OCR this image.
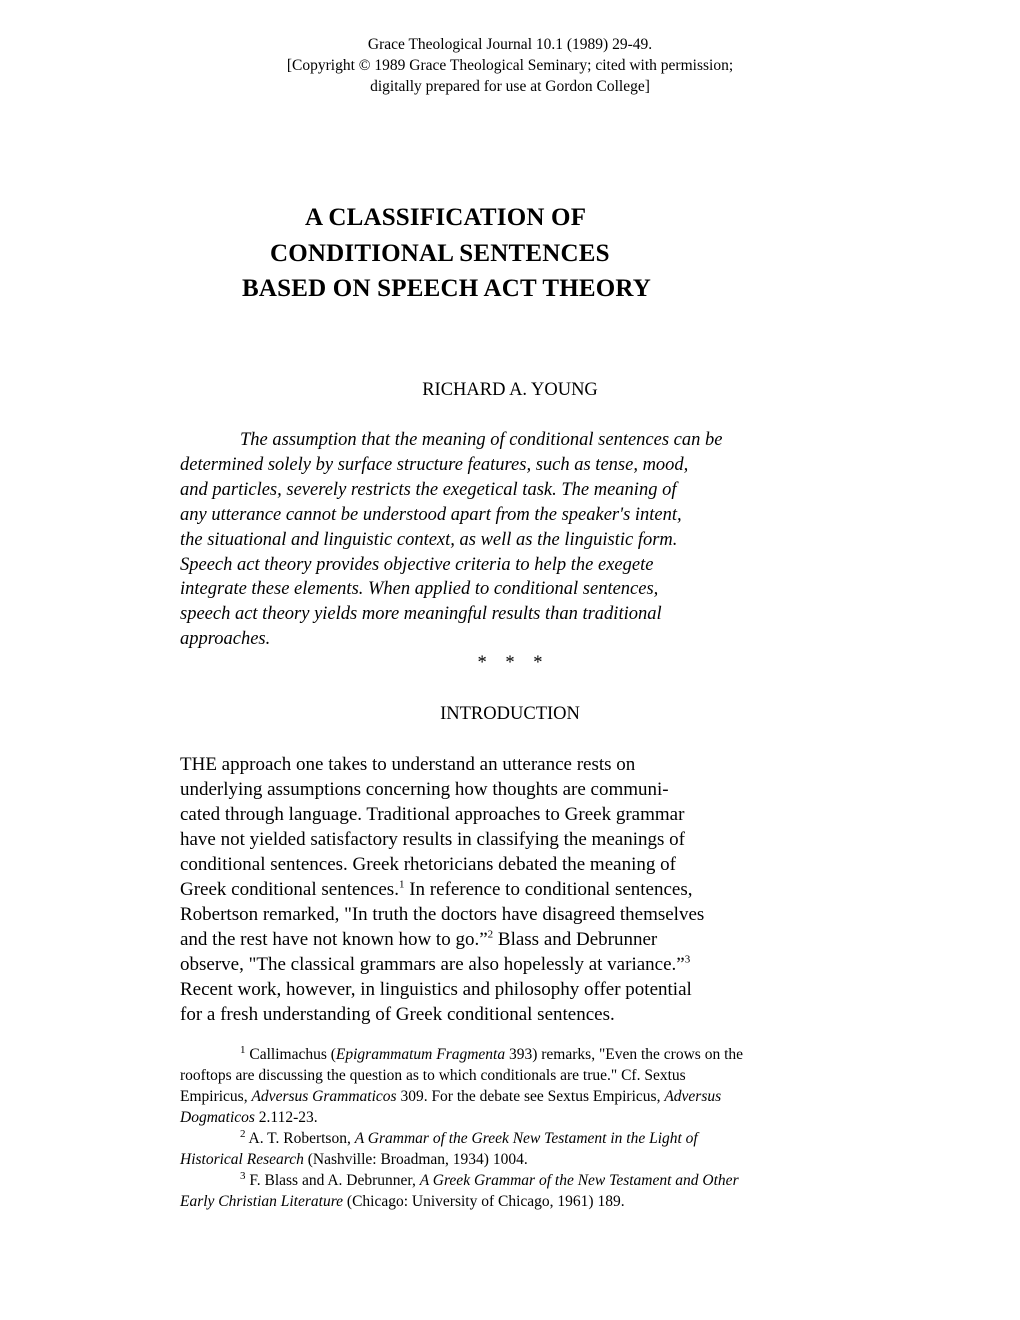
Grace Theological Journal 10.1 (1989) 29-49.
[Copyright © 1989 Grace Theological Seminary; cited with permission;
digitally prepared for use at Gordon College]
A CLASSIFICATION OF
CONDITIONAL SENTENCES
BASED ON SPEECH ACT THEORY
RICHARD A. YOUNG

The assumption that the meaning of conditional sentences can be
determined solely by surface structure features, such as tense, mood,
and particles, severely restricts the exegetical task. The meaning of
any utterance cannot be understood apart from the speaker's intent,
the situational and linguistic context, as well as the linguistic form.
Speech act theory provides objective criteria to help the exegete
integrate these elements. When applied to conditional sentences,
speech act theory yields more meaningful results than traditional
approaches.

* * *
INTRODUCTION

THE approach one takes to understand an utterance rests on
underlying assumptions concerning how thoughts are communi-
cated through language. Traditional approaches to Greek grammar
have not yielded satisfactory results in classifying the meanings of
conditional sentences. Greek rhetoricians debated the meaning of
Greek conditional sentences.$^1$ In reference to conditional sentences,
Robertson remarked, "In truth the doctors have disagreed themselves
and the rest have not known how to go.”$^2$ Blass and Debrunner
observe, "The classical grammars are also hopelessly at variance.”$^3$
Recent work, however, in linguistics and philosophy offer potential
for a fresh understanding of Greek conditional sentences.

$^1$ Callimachus (Epigrammatum Fragmenta 393) remarks, "Even the crows on the
rooftops are discussing the question as to which conditionals are true." Cf. Sextus
Empiricus, Adversus Grammaticos 309. For the debate see Sextus Empiricus, Adversus
Dogmaticos 2.112-23.
$^2$ A. T. Robertson, A Grammar of the Greek New Testament in the Light of
Historical Research (Nashville: Broadman, 1934) 1004.
$^3$ F. Blass and A. Debrunner, A Greek Grammar of the New Testament and Other
Early Christian Literature (Chicago: University of Chicago, 1961) 189.
